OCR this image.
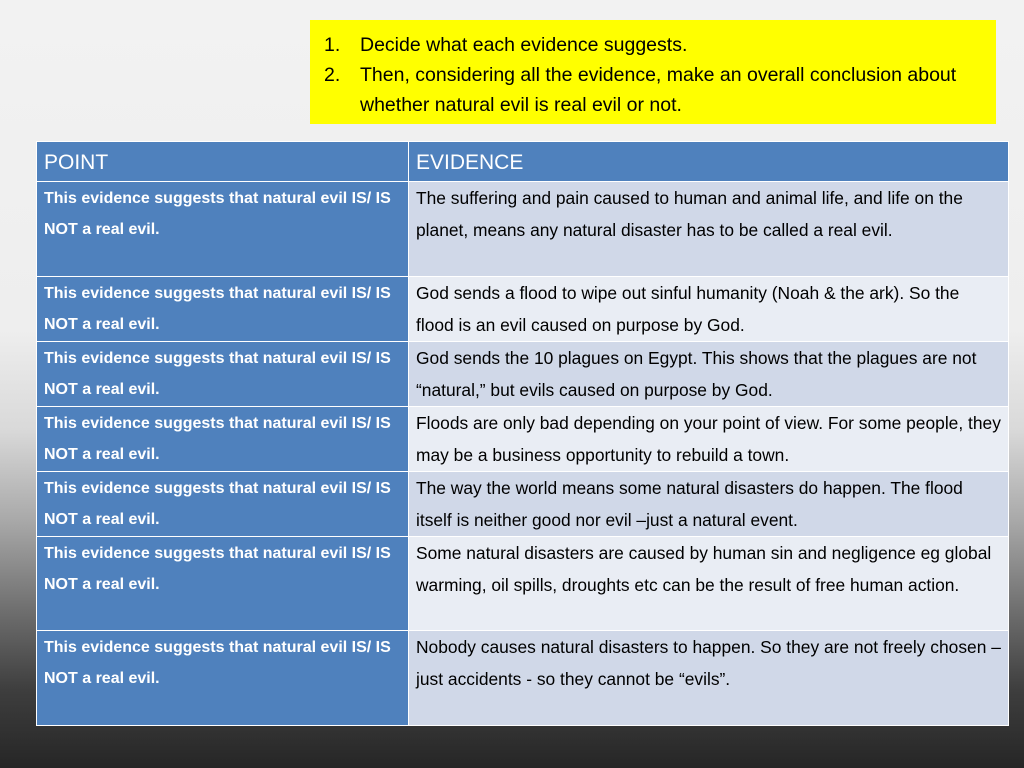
1.	Decide what each evidence suggests.
2.	Then, considering all the evidence, make an overall conclusion about whether natural evil is real evil or not.
POINT	EVIDENCE
This evidence suggests that natural evil IS/ IS NOT a real evil.	The suffering and pain caused to human and animal life, and life on the planet, means any natural disaster has to be called a real evil.
This evidence suggests that natural evil IS/ IS NOT a real evil.	God sends a flood to wipe out sinful humanity (Noah & the ark). So the flood is an evil caused on purpose by God.
This evidence suggests that natural evil IS/ IS NOT a real evil.	God sends the 10 plagues on Egypt. This shows that the plagues are not “natural,” but evils caused on purpose by God.
This evidence suggests that natural evil IS/ IS NOT a real evil.	Floods are only bad depending on your point of view. For some people, they may be a business opportunity to rebuild a town.
This evidence suggests that natural evil IS/ IS NOT a real evil.	The way the world means some natural disasters do happen. The flood itself is neither good nor evil –just a natural event.
This evidence suggests that natural evil IS/ IS NOT a real evil.	Some natural disasters are caused by human sin and negligence eg global warming, oil spills, droughts etc can be the result of free human action.
This evidence suggests that natural evil IS/ IS NOT a real evil.	Nobody causes natural disasters to happen. So they are not freely chosen – just accidents - so they cannot be “evils”.
